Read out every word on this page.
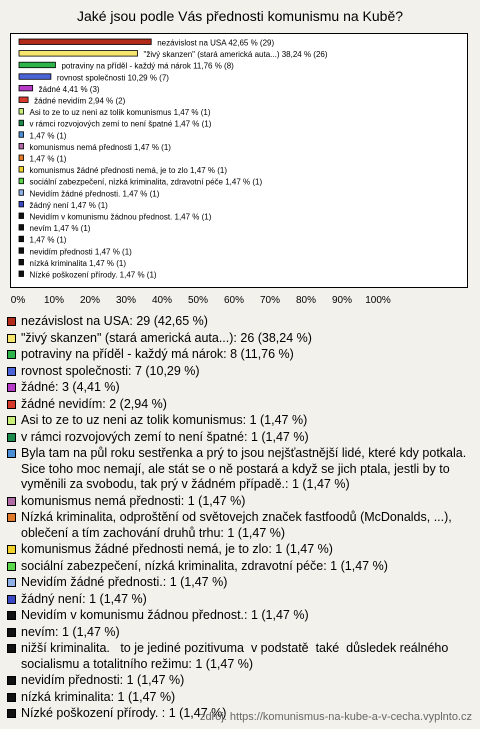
Jaké jsou podle Vás přednosti komunismu na Kubě?
nezávislost na USA 42,65 % (29)
"živý skanzen" (stará americká auta...) 38,24 % (26)
potraviny na příděl - každý má nárok 11,76 % (8)
rovnost společnosti 10,29 % (7)
žádné 4,41 % (3)
žádné nevidím 2,94 % (2)
Asi to ze to uz neni az tolik komunismus 1,47 % (1)
v rámci rozvojových zemí to není špatné 1,47 % (1)
1,47 % (1)
komunismus nemá přednosti 1,47 % (1)
1,47 % (1)
komunismus žádné přednosti nemá, je to zlo 1,47 % (1)
sociální zabezpečení, nízká kriminalita, zdravotní péče 1,47 % (1)
Nevidím žádné přednosti. 1,47 % (1)
žádný není 1,47 % (1)
Nevidím v komunismu žádnou přednost. 1,47 % (1)
nevím 1,47 % (1)
1,47 % (1)
nevidím přednosti 1,47 % (1)
nízká kriminalita 1,47 % (1)
Nízké poškození přírody. 1,47 % (1)
0% 10% 20% 30% 40% 50% 60% 70% 80% 90% 100%
nezávislost na USA: 29 (42,65 %)
"živý skanzen" (stará americká auta...): 26 (38,24 %)
potraviny na příděl - každý má nárok: 8 (11,76 %)
rovnost společnosti: 7 (10,29 %)
žádné: 3 (4,41 %)
žádné nevidím: 2 (2,94 %)
Asi to ze to uz neni az tolik komunismus: 1 (1,47 %)
v rámci rozvojových zemí to není špatné: 1 (1,47 %)
Byla tam na půl roku sestřenka a prý to jsou nejšťastnější lidé, které kdy potkala. Sice toho moc nemají, ale stát se o ně postará a když se jich ptala, jestli by to vyměnili za svobodu, tak prý v žádném případě.: 1 (1,47 %)
komunismus nemá přednosti: 1 (1,47 %)
Nízká kriminalita, odproštění od světovejch značek fastfoodů (McDonalds, ...), oblečení a tím zachování druhů trhu: 1 (1,47 %)
komunismus žádné přednosti nemá, je to zlo: 1 (1,47 %)
sociální zabezpečení, nízká kriminalita, zdravotní péče: 1 (1,47 %)
Nevidím žádné přednosti.: 1 (1,47 %)
žádný není: 1 (1,47 %)
Nevidím v komunismu žádnou přednost.: 1 (1,47 %)
nevím: 1 (1,47 %)
nižší kriminalita.   to je jediné pozitivuma  v podstatě  také  důsledek reálného  socialismu a totalitního režimu: 1 (1,47 %)
nevidím přednosti: 1 (1,47 %)
nízká kriminalita: 1 (1,47 %)
Nízké poškození přírody. : 1 (1,47 %)
zdroj: https://komunismus-na-kube-a-v-cecha.vyplnto.cz
